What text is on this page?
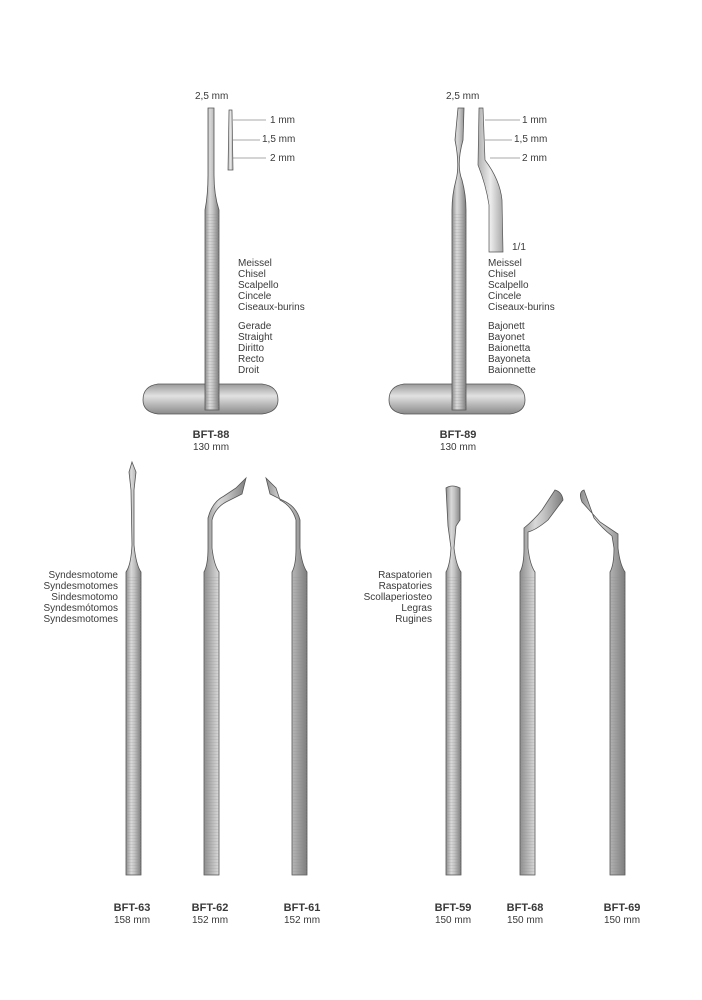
2,5 mm
1 mm
1,5 mm
2 mm
Meissel
Chisel
Scalpello
Cincele
Ciseaux-burins
Gerade
Straight
Diritto
Recto
Droit
BFT-88
130 mm
2,5 mm
1 mm
1,5 mm
2 mm
1/1
Meissel
Chisel
Scalpello
Cincele
Ciseaux-burins
Bajonett
Bayonet
Baionetta
Bayoneta
Baionnette
BFT-89
130 mm
Syndesmotome
Syndesmotomes
Sindesmotomo
Syndesmótomos
Syndesmotomes
Raspatorien
Raspatories
Scollaperiosteo
Legras
Rugines
BFT-63
158 mm
BFT-62
152 mm
BFT-61
152 mm
BFT-59
150 mm
BFT-68
150 mm
BFT-69
150 mm
